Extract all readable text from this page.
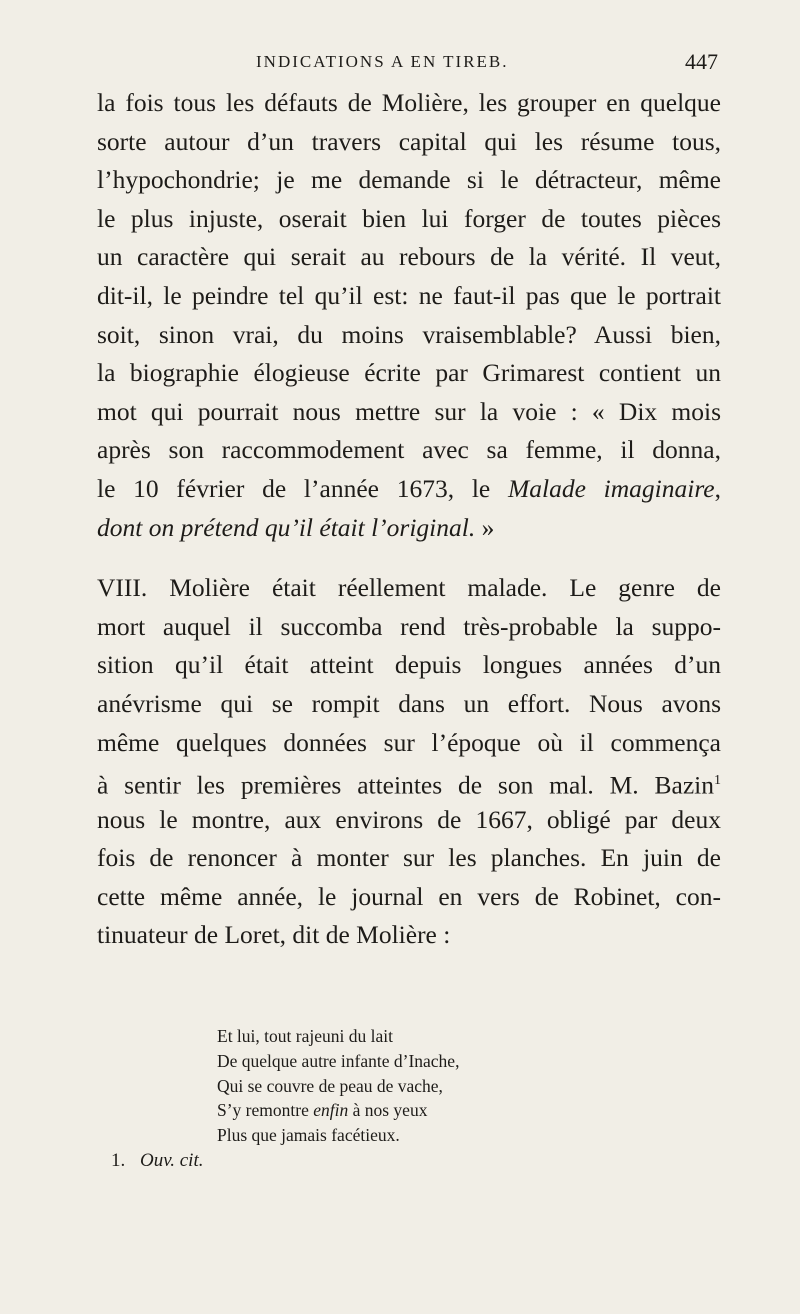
INDICATIONS A EN TIREB.	447
la fois tous les défauts de Molière, les grouper en quelque
sorte autour d’un travers capital qui les résume tous,
l’hypochondrie; je me demande si le détracteur, même
le plus injuste, oserait bien lui forger de toutes pièces
un caractère qui serait au rebours de la vérité. Il veut,
dit-il, le peindre tel qu’il est: ne faut-il pas que le portrait
soit, sinon vrai, du moins vraisemblable? Aussi bien,
la biographie élogieuse écrite par Grimarest contient un
mot qui pourrait nous mettre sur la voie : « Dix mois
après son raccommodement avec sa femme, il donna,
le 10 février de l’année 1673, le Malade imaginaire,
dont on prétend qu’il était l’original. »
VIII. Molière était réellement malade. Le genre de
mort auquel il succomba rend très-probable la suppo-
sition qu’il était atteint depuis longues années d’un
anévrisme qui se rompit dans un effort. Nous avons
même quelques données sur l’époque où il commença
à sentir les premières atteintes de son mal. M. Bazin$^1$
nous le montre, aux environs de 1667, obligé par deux
fois de renoncer à monter sur les planches. En juin de
cette même année, le journal en vers de Robinet, con-
tinuateur de Loret, dit de Molière :
Et lui, tout rajeuni du lait
De quelque autre infante d’Inache,
Qui se couvre de peau de vache,
S’y remontre enfin à nos yeux
Plus que jamais facétieux.
1. Ouv. cit.
